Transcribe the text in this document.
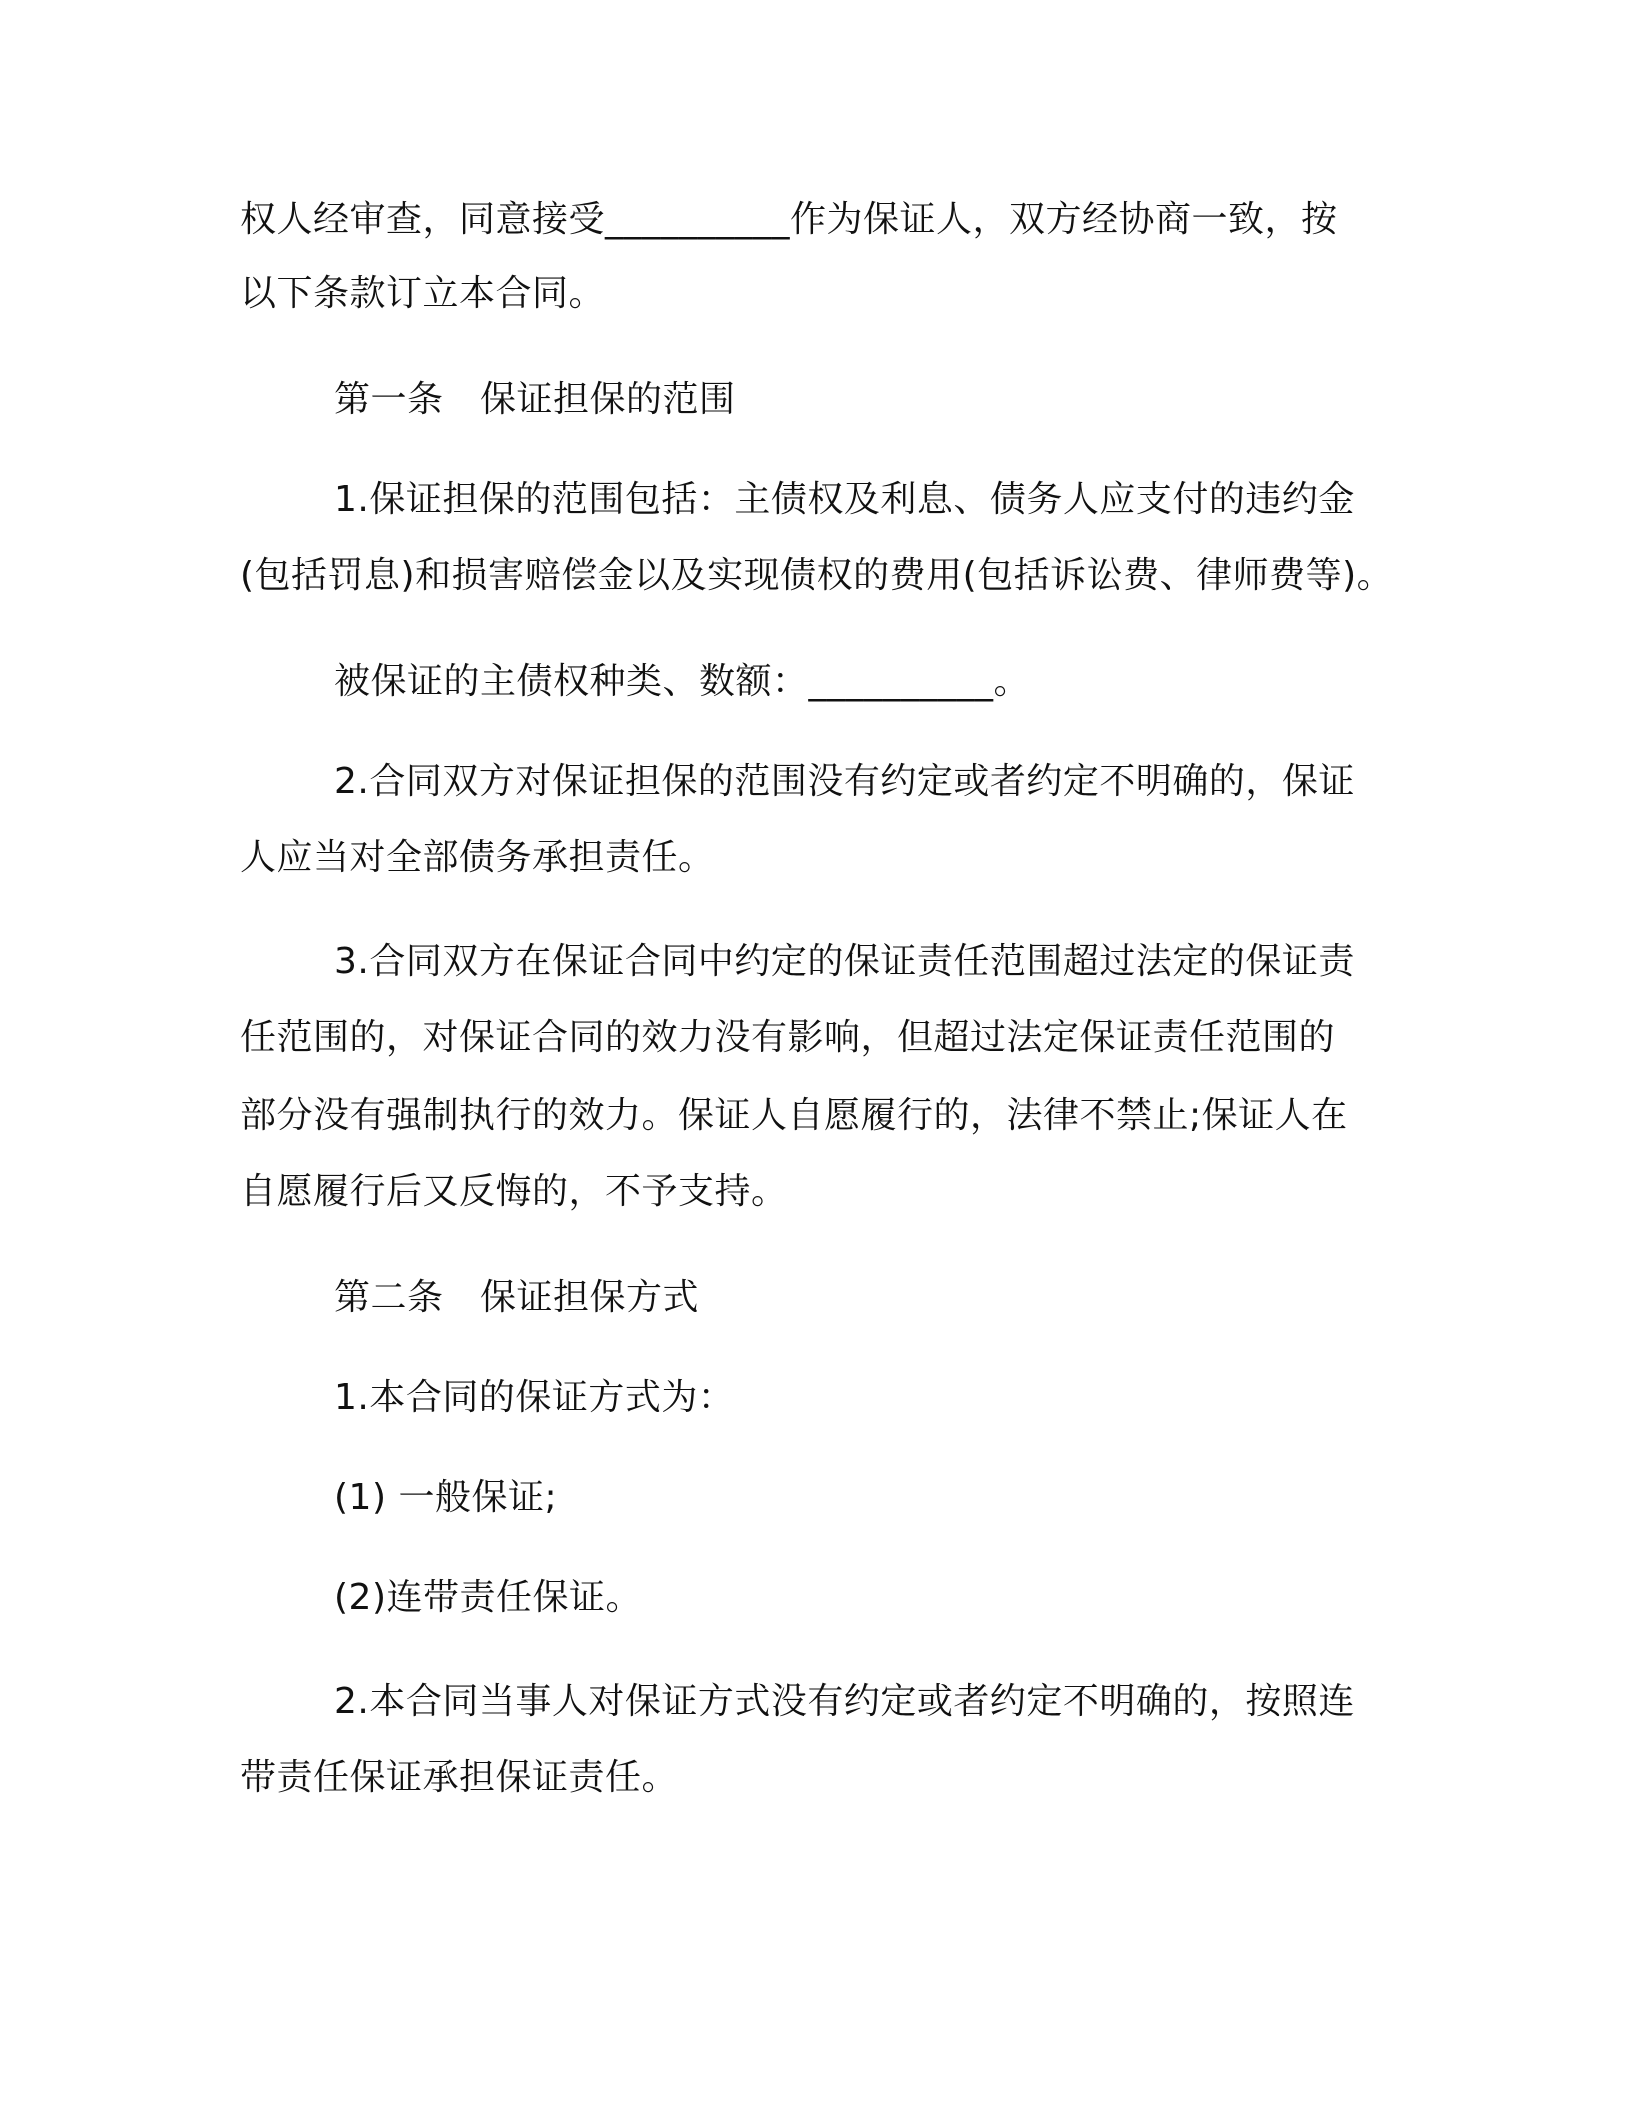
权人经审查，同意接受__________作为保证人，双方经协商一致，按
以下条款订立本合同。
第一条　保证担保的范围
1.保证担保的范围包括：主债权及利息、债务人应支付的违约金
(包括罚息)和损害赔偿金以及实现债权的费用(包括诉讼费、律师费等)。
被保证的主债权种类、数额：__________。
2.合同双方对保证担保的范围没有约定或者约定不明确的，保证
人应当对全部债务承担责任。
3.合同双方在保证合同中约定的保证责任范围超过法定的保证责
任范围的，对保证合同的效力没有影响，但超过法定保证责任范围的
部分没有强制执行的效力。保证人自愿履行的，法律不禁止;保证人在
自愿履行后又反悔的，不予支持。
第二条　保证担保方式
1.本合同的保证方式为：
(1) 一般保证;
(2)连带责任保证。
2.本合同当事人对保证方式没有约定或者约定不明确的，按照连
带责任保证承担保证责任。
